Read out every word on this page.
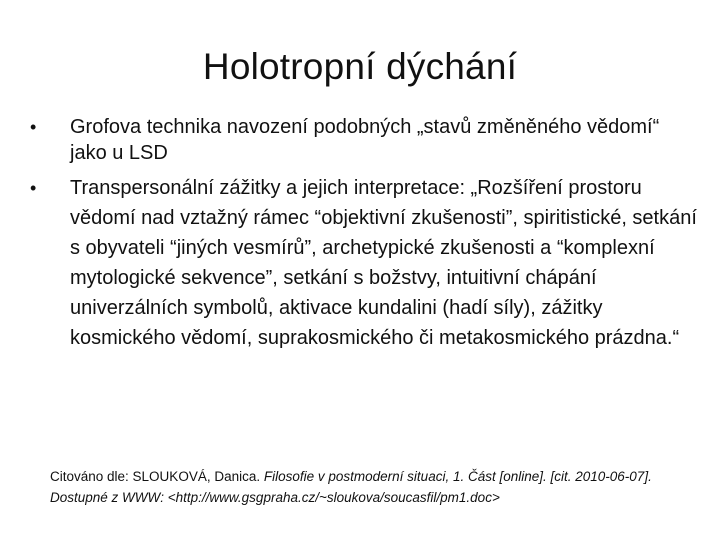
Holotropní dýchání
• Grofova technika navození podobných „stavů změněného vědomí“ jako u LSD
• Transpersonální zážitky a jejich interpretace: „Rozšíření prostoru vědomí nad vztažný rámec “objektivní zkušenosti”, spiritistické, setkání s obyvateli “jiných vesmírů”, archetypické zkušenosti a “komplexní mytologické sekvence”, setkání s božstvy, intuitivní chápání univerzálních symbolů, aktivace kundalini (hadí síly), zážitky kosmického vědomí, suprakosmického či metakosmického prázdna.“
Citováno dle: SLOUKOVÁ, Danica. Filosofie v postmoderní situaci, 1. Část [online]. [cit. 2010-06-07]. Dostupné z WWW: <http://www.gsgpraha.cz/~sloukova/soucasfil/pm1.doc>
